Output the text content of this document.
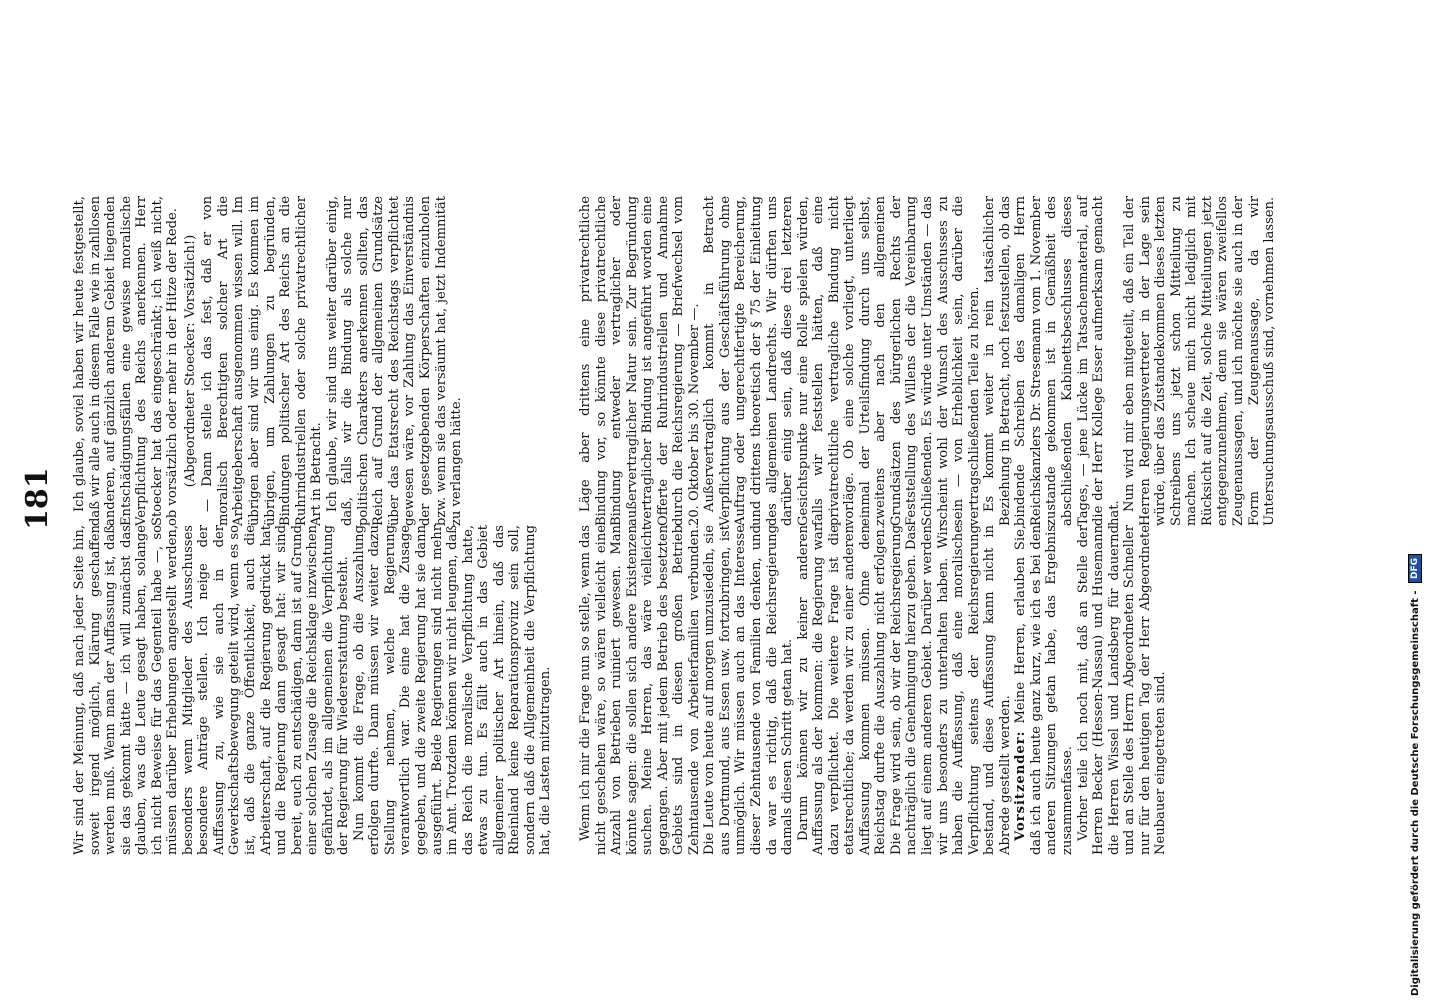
181

Wir sind der Meinung, daß nach jeder Seite hin, soweit irgend möglich, Klärung geschaffen werden muß. Wenn man der Auffassung ist, daß sie das gekonnt hätte — ich will zunächst das glauben, was die Leute gesagt haben, solange ich nicht Beweise für das Gegenteil habe —, so müssen darüber Erhebungen angestellt werden, besonders wenn Mitglieder des Ausschusses besondere Anträge stellen. Ich neige der Auffassung zu, wie sie auch in der Gewerkschaftsbewegung geteilt wird, wenn es so ist, daß die ganze Öffentlichkeit, auch die Arbeiterschaft, auf die Regierung gedrückt hat und die Regierung dann gesagt hat: wir sind bereit, euch zu entschädigen, dann ist auf Grund einer solchen Zusage die Reichsklage inzwischen gefährdet, als im allgemeinen die Verpflichtung der Regierung für Wiedererstattung besteht. Nun kommt die Frage, ob die Auszahlung erfolgen durfte. Dann müssen wir weiter dazu Stellung nehmen, welche Regierung verantwortlich war. Die eine hat die Zusage gegeben, und die zweite Regierung hat sie dann ausgeführt. Beide Regierungen sind nicht mehr im Amt. Trotzdem können wir nicht leugnen, daß das Reich die moralische Verpflichtung hatte, etwas zu tun. Es fällt auch in das Gebiet allgemeiner politischer Art hinein, daß das Rheinland keine Reparationsprovinz sein soll, sondern daß die Allgemeinheit die Verpflichtung hat, die Lasten mitzutragen. Wenn ich mir die Frage nun so stelle, wenn das nicht geschehen wäre, so wären vielleicht eine Anzahl von Betrieben ruiniert gewesen. Man könnte sagen: die sollen sich andere Existenzen suchen. Meine Herren, das wäre vielleicht gegangen. Aber mit jedem Betrieb des besetzten Gebiets sind in diesen großen Betrieb Zehntausende von Arbeiterfamilien verbunden. Die Leute von heute auf morgen umzusiedeln, sie aus Dortmund, aus Essen usw. fortzubringen, ist unmöglich. Wir müssen auch an das Interesse dieser Zehntausende von Familien denken, und da war es richtig, daß die Reichsregierung damals diesen Schritt getan hat. Darum können wir zu keiner anderen Auffassung als der kommen: die Regierung war dazu verpflichtet. Die weitere Frage ist die etatsrechtliche; da werden wir zu einer anderen Auffassung kommen müssen. Ohne den Reichstag durfte die Auszahlung nicht erfolgen. Die Frage wird sein, ob wir der Reichsregierung nachträglich die Genehmigung hierzu geben. Das liegt auf einem anderen Gebiet. Darüber werden wir uns besonders zu unterhalten haben. Wir haben die Auffassung, daß eine moralische Verpflichtung seitens der Reichsregierung bestand, und diese Auffassung kann nicht in Abrede gestellt werden. Vorsitzender: Meine Herren, erlauben Sie, daß ich auch heute ganz kurz, wie ich es bei den anderen Sitzungen getan habe, das Ergebnis zusammenfasse. Vorher teile ich noch mit, daß an Stelle der Herren Becker (Hessen-Nassau) und Husemann die Herren Wissel und Landsberg für dauernd und an Stelle des Herrn Abgeordneten Schneller nur für den heutigen Tag der Herr Abgeordnete Neubauer eingetreten sind.

Ich glaube, soviel haben wir heute festgestellt, daß wir alle auch in diesem Falle wie in zahllosen anderen, auf gänzlich anderem Gebiet liegenden Entschädigungsfällen eine gewisse moralische Verpflichtung des Reichs anerkennen. Herr Stoecker hat das eingeschränkt; ich weiß nicht, ob vorsätzlich oder mehr in der Hitze der Rede. (Abgeordneter Stoecker: Vorsätzlich!) — Dann stelle ich das fest, daß er von moralisch Berechtigten solcher Art die Arbeitgeberschaft ausgenommen wissen will. Im übrigen aber sind wir uns einig. Es kommen im übrigen, um Zahlungen zu begründen, Bindungen politischer Art des Reichs an die Ruhrindustriellen oder solche privatrechtlicher Art in Betracht. Ich glaube, wir sind uns weiter darüber einig, daß, falls wir die Bindung als solche nur politischen Charakters anerkennen sollten, das Reich auf Grund der allgemeinen Grundsätze über das Etatsrecht des Reichstags verpflichtet gewesen wäre, vor Zahlung das Einverständnis der gesetzgebenden Körperschaften einzuholen bzw. wenn sie das versäumt hat, jetzt Indemnität zu verlangen hätte.	Läge aber drittens eine privatrechtliche Bindung vor, so könnte diese privatrechtliche Bindung entweder vertraglicher oder außervertraglicher Natur sein. Zur Begründung vertraglicher Bindung ist angeführt worden eine Offerte der Ruhrindustriellen und Annahme durch die Reichsregierung — Briefwechsel vom 20. Oktober bis 30. November —. Außervertraglich kommt in Betracht Verpflichtung aus der Geschäftsführung ohne Auftrag oder ungerechtfertigte Bereicherung, und drittens theoretisch der § 75 der Einleitung des allgemeinen Landrechts. Wir dürften uns darüber einig sein, daß diese drei letzteren Gesichtspunkte nur eine Rolle spielen würden, falls wir feststellen hätten, daß eine privatrechtliche vertragliche Bindung nicht vorläge. Ob eine solche vorliegt, unterliegt einmal der Urteilsfindung durch uns selbst, zweitens aber nach den allgemeinen Grundsätzen des bürgerlichen Rechts der Feststellung des Willens der die Vereinbarung Schließenden. Es würde unter Umständen — das scheint wohl der Wunsch des Ausschusses zu sein — von Erheblichkeit sein, darüber die vertragschließenden Teile zu hören. Es kommt weiter in rein tatsächlicher Beziehung in Betracht, noch festzustellen, ob das bindende Schreiben des damaligen Herrn Reichskanzlers Dr. Stresemann vom 1. November zustande gekommen ist in Gemäßheit des abschließenden Kabinettsbeschlusses dieses Tages, — jene Lücke im Tatsachenmaterial, auf die der Herr Kollege Esser aufmerksam gemacht hat.

Nun wird mir eben mitgeteilt, daß ein Teil der Herren Regierungsvertreter in der Lage sein würde, über das Zustandekommen dieses letzten Schreibens uns jetzt schon Mitteilung zu machen. Ich scheue mich nicht lediglich mit Rücksicht auf die Zeit, solche Mitteilungen jetzt entgegenzunehmen, denn sie wären zweifellos Zeugenaussagen, und ich möchte sie auch in der Form der Zeugenaussage, da wir Untersuchungsausschuß sind, vornehmen lassen.

Digitalisierung gefördert durch die Deutsche Forschungsgemeinschaft - DFG
